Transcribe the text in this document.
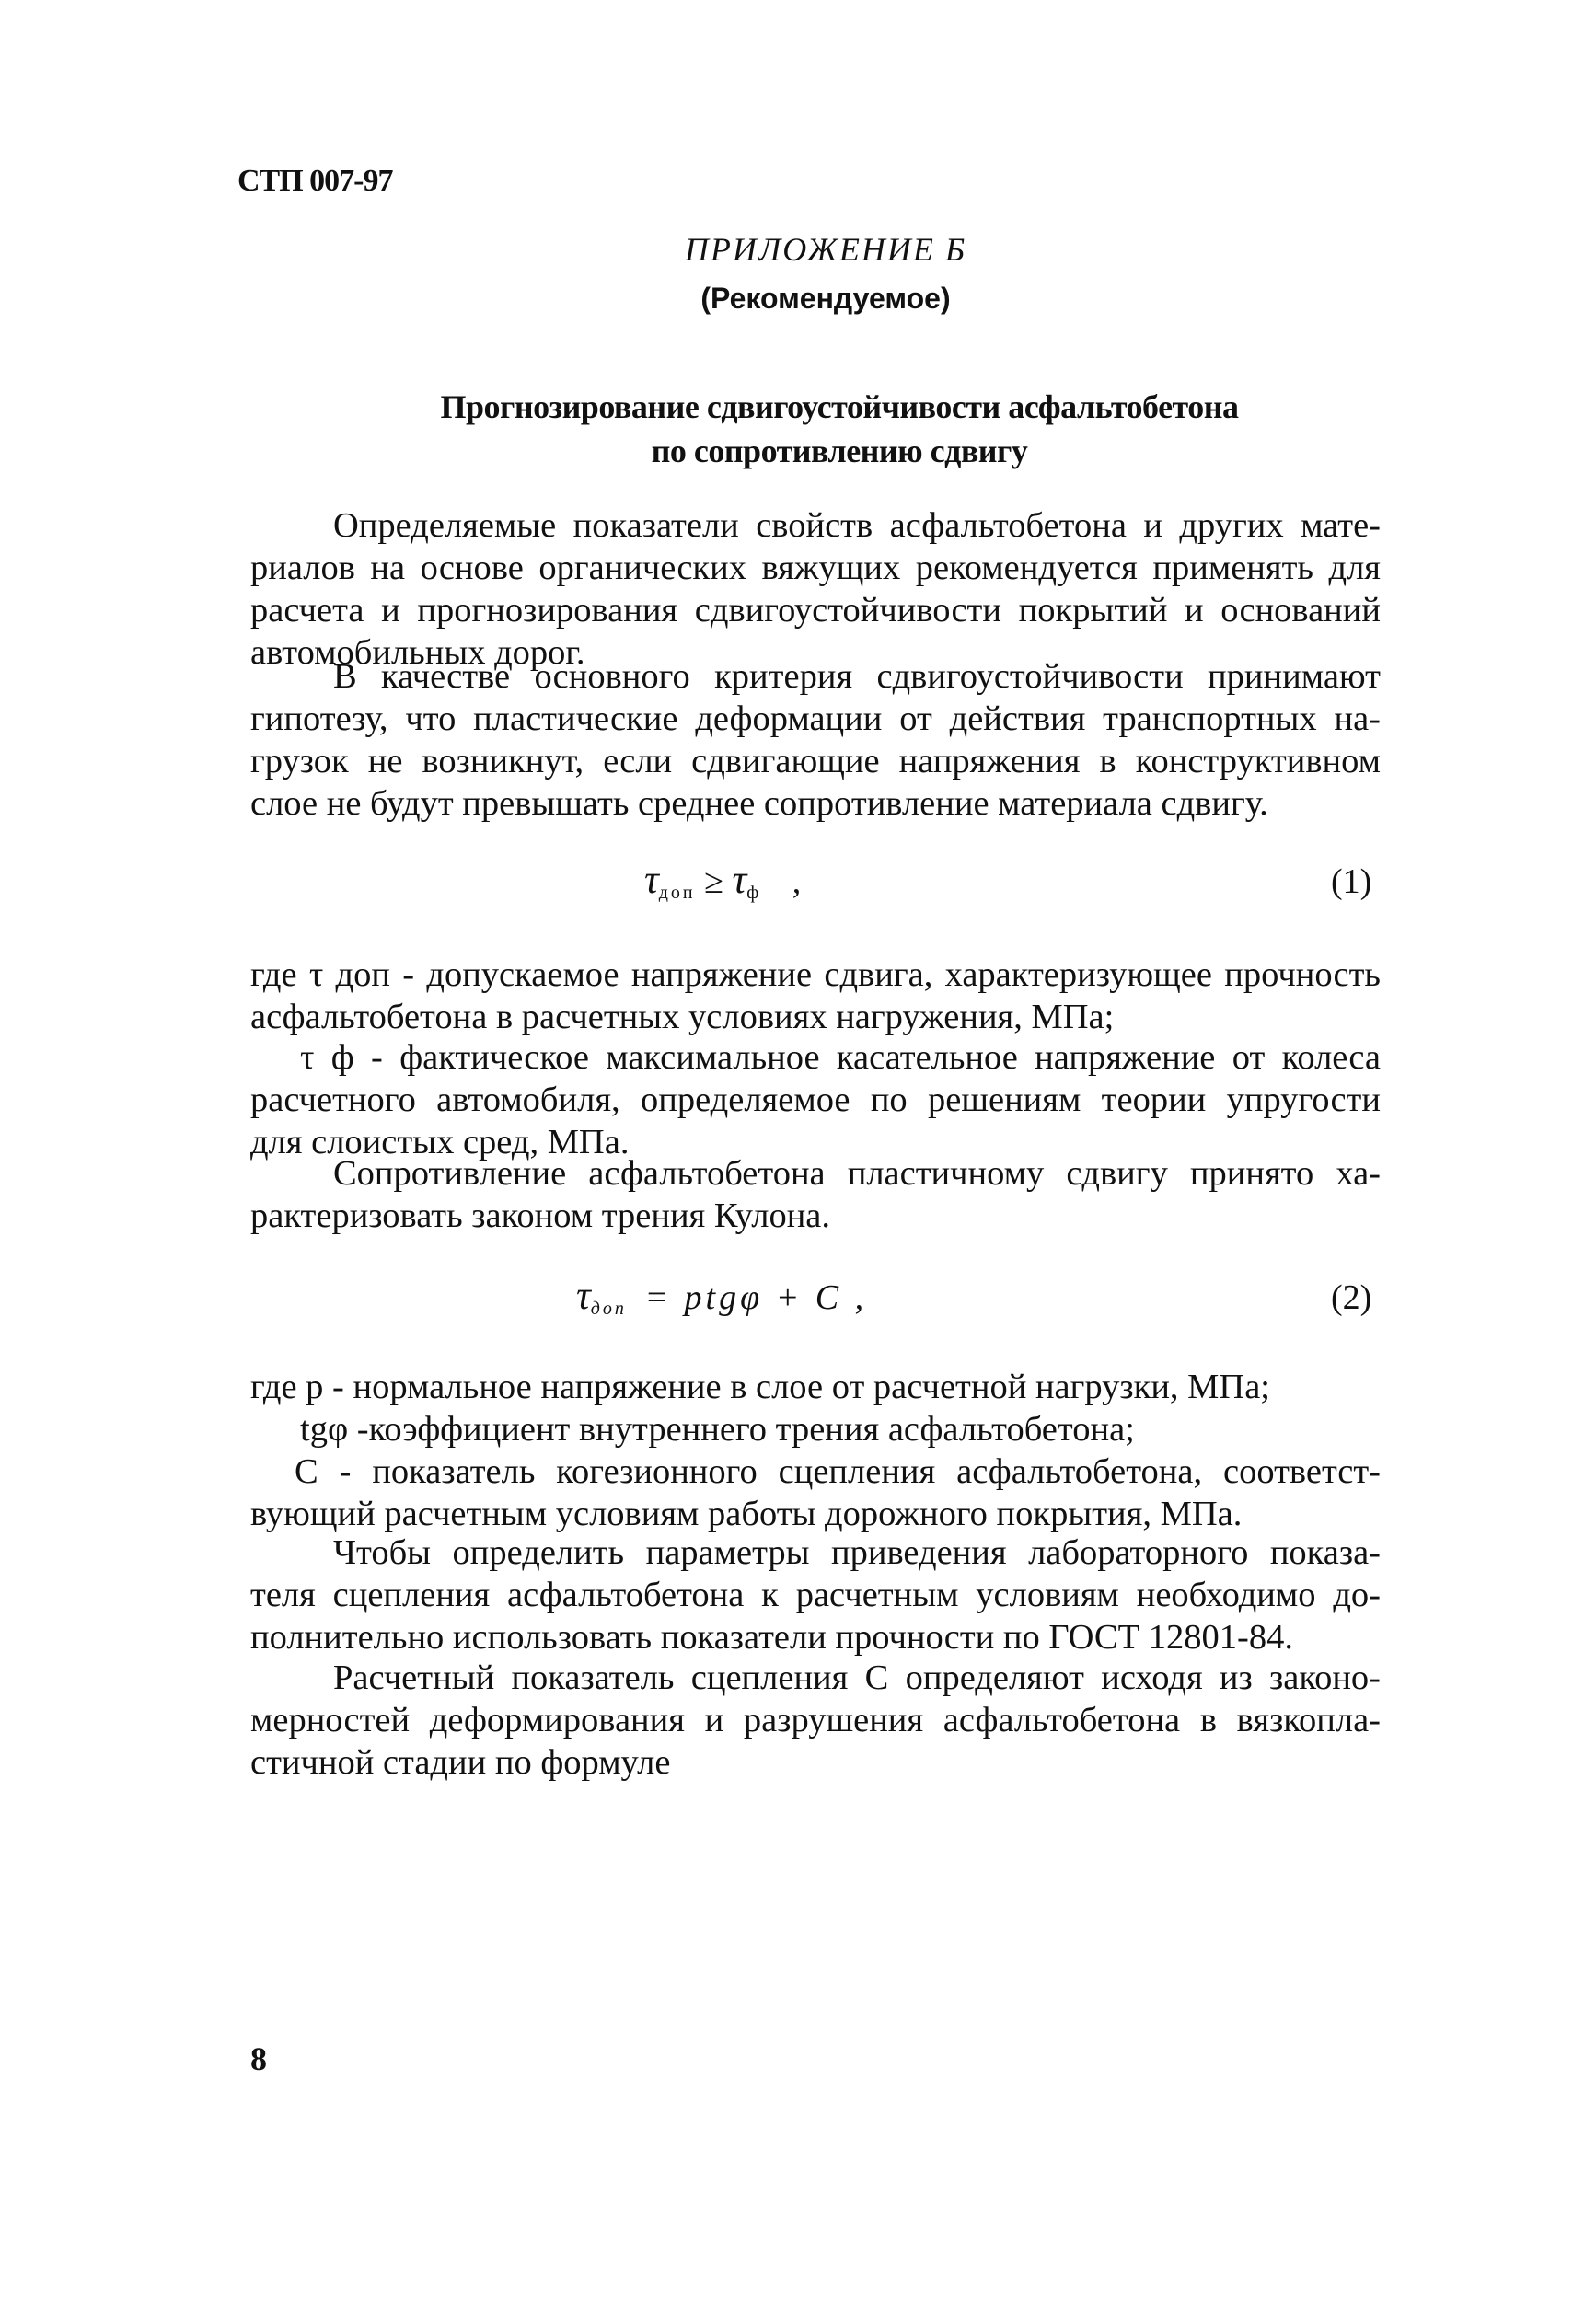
СТП 007-97
ПРИЛОЖЕНИЕ Б
(Рекомендуемое)
Прогнозирование сдвигоустойчивости асфальтобетона
по сопротивлению сдвигу
Определяемые показатели свойств асфальтобетона и других мате-
риалов на основе органических вяжущих рекомендуется применять для
расчета и прогнозирования сдвигоустойчивости покрытий и оснований
автомобильных дорог.
В качестве основного критерия сдвигоустойчивости принимают
гипотезу, что пластические деформации от действия транспортных на-
грузок не возникнут, если сдвигающие напряжения в конструктивном
слое не будут превышать среднее сопротивление материала сдвигу.
$\tau_{доп} \ge \tau_ф$ ,	(1)
где τ доп - допускаемое напряжение сдвига, характеризующее прочность
асфальтобетона в расчетных условиях нагружения, МПа;
τ ф - фактическое максимальное касательное напряжение от колеса
расчетного автомобиля, определяемое по решениям теории упругости
для слоистых сред, МПа.
Сопротивление асфальтобетона пластичному сдвигу принято ха-
рактеризовать законом трения Кулона.
$\tau_{доп} = ptg\varphi + C$ ,	(2)
где р - нормальное напряжение в слое от расчетной нагрузки, МПа;
tgφ -коэффициент внутреннего трения асфальтобетона;
С - показатель когезионного сцепления асфальтобетона, соответст-
вующий расчетным условиям работы дорожного покрытия, МПа.
Чтобы определить параметры приведения лабораторного показа-
теля сцепления асфальтобетона к расчетным условиям необходимо до-
полнительно использовать показатели прочности по ГОСТ 12801-84.
Расчетный показатель сцепления С определяют исходя из законо-
мерностей деформирования и разрушения асфальтобетона в вязкопла-
стичной стадии по формуле
8
